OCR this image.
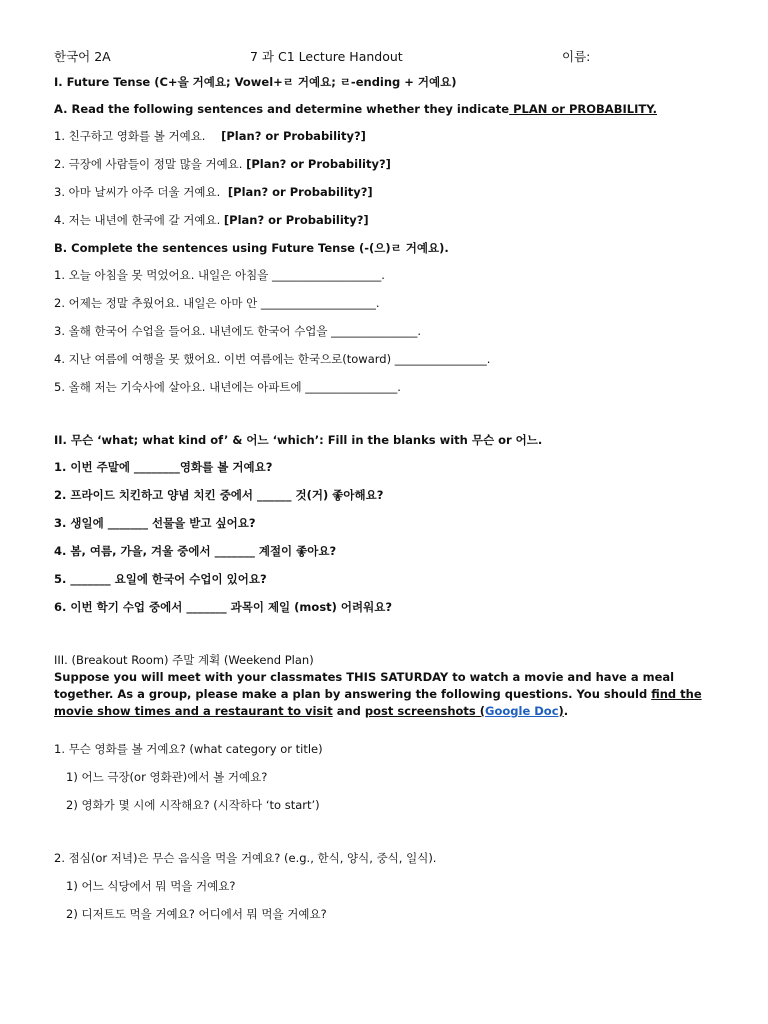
한국어 2A	7 과 C1 Lecture Handout	이름:
I. Future Tense (C+을 거예요; Vowel+ㄹ 거예요; ㄹ-ending + 거예요)
A. Read the following sentences and determine whether they indicate PLAN or PROBABILITY.
1. 친구하고 영화를 볼 거예요. [Plan? or Probability?]
2. 극장에 사람들이 정말 많을 거예요. [Plan? or Probability?]
3. 아마 날씨가 아주 더울 거예요. [Plan? or Probability?]
4. 저는 내년에 한국에 갈 거예요. [Plan? or Probability?]
B. Complete the sentences using Future Tense (-(으)ㄹ 거예요).
1. 오늘 아침을 못 먹었어요. 내일은 아침을 ___________________.
2. 어제는 정말 추웠어요. 내일은 아마 안 ____________________.
3. 올해 한국어 수업을 들어요. 내년에도 한국어 수업을 _______________.
4. 지난 여름에 여행을 못 했어요. 이번 여름에는 한국으로(toward) ________________.
5. 올해 저는 기숙사에 살아요. 내년에는 아파트에 ________________.
II. 무슨 ‘what; what kind of’ & 어느 ‘which’: Fill in the blanks with 무슨 or 어느.
1. 이번 주말에 ________영화를 볼 거예요?
2. 프라이드 치킨하고 양념 치킨 중에서 ______ 것(거) 좋아해요?
3. 생일에 _______ 선물을 받고 싶어요?
4. 봄, 여름, 가을, 겨울 중에서 _______ 계절이 좋아요?
5. _______ 요일에 한국어 수업이 있어요?
6. 이번 학기 수업 중에서 _______ 과목이 제일 (most) 어려워요?
III. (Breakout Room) 주말 계획 (Weekend Plan)
Suppose you will meet with your classmates THIS SATURDAY to watch a movie and have a meal together. As a group, please make a plan by answering the following questions. You should find the movie show times and a restaurant to visit and post screenshots (Google Doc).
1. 무슨 영화를 볼 거예요? (what category or title)
1) 어느 극장(or 영화관)에서 볼 거예요?
2) 영화가 몇 시에 시작해요? (시작하다 ‘to start’)
2. 점심(or 저녁)은 무슨 음식을 먹을 거예요? (e.g., 한식, 양식, 중식, 일식).
1) 어느 식당에서 뭐 먹을 거예요?
2) 디저트도 먹을 거예요? 어디에서 뭐 먹을 거예요?
